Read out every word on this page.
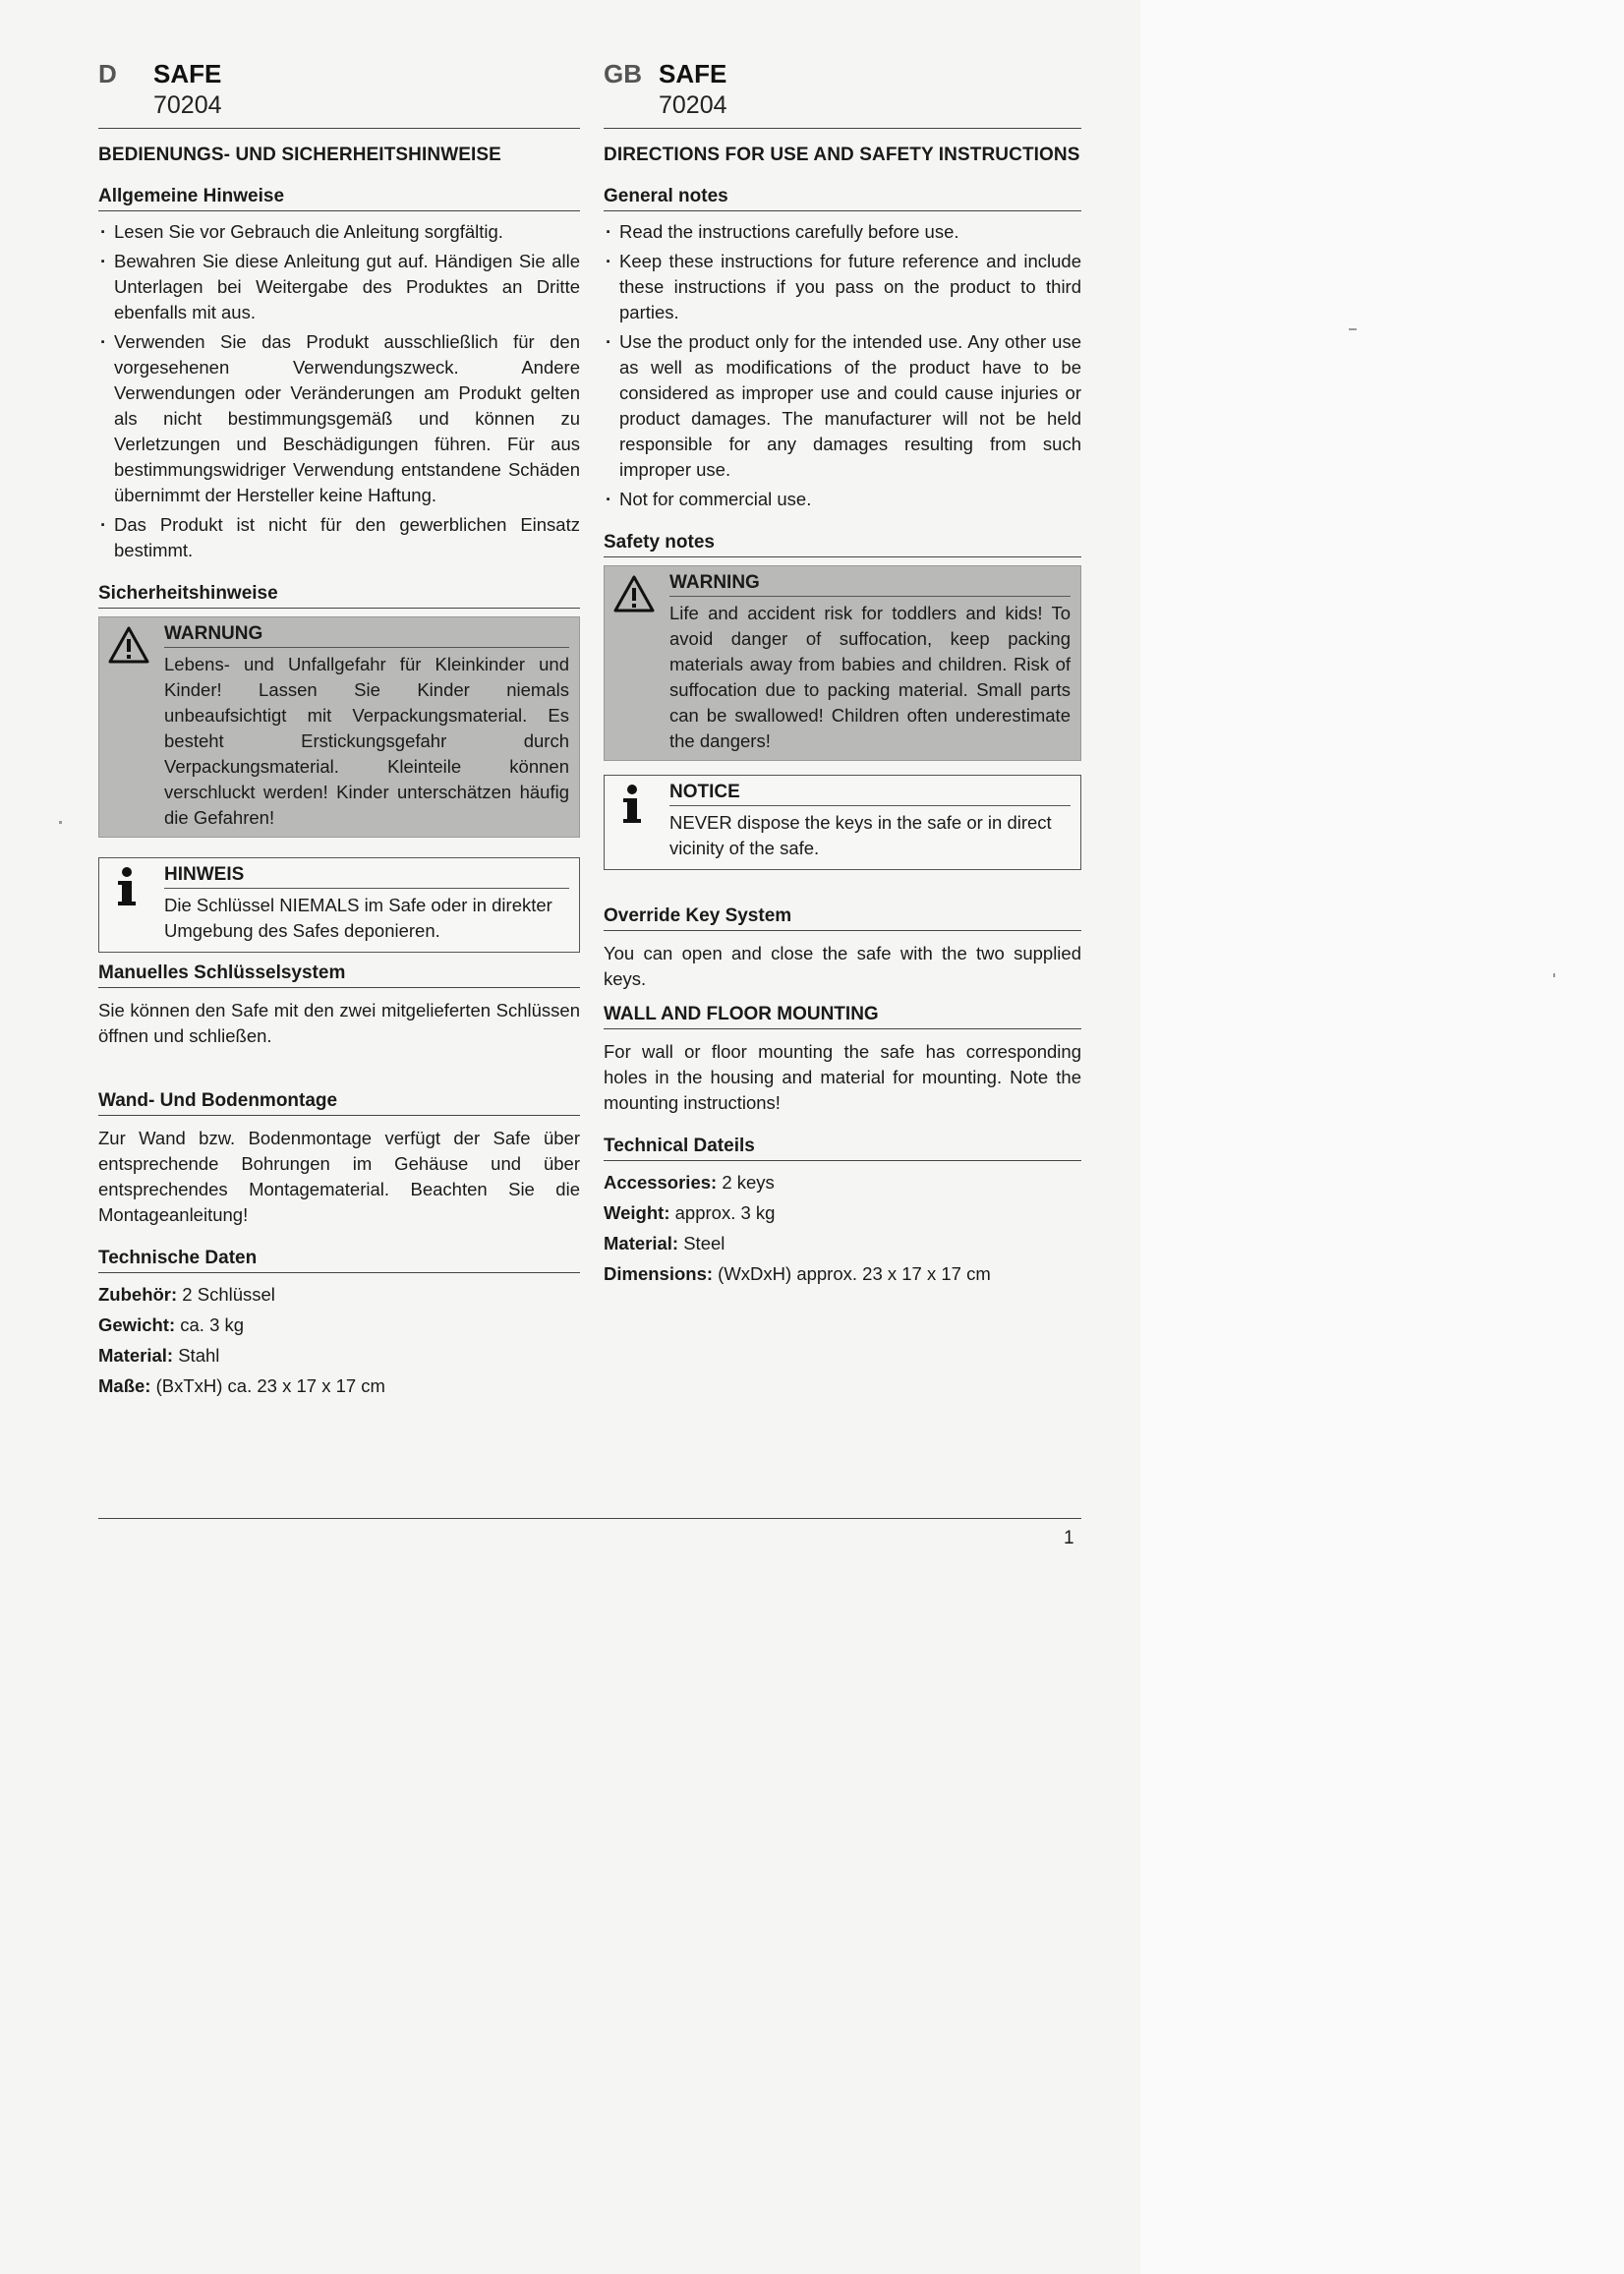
D	SAFE
70204
BEDIENUNGS- UND SICHERHEITSHINWEISE
Allgemeine Hinweise
· Lesen Sie vor Gebrauch die Anleitung sorgfältig.
· Bewahren Sie diese Anleitung gut auf. Händigen Sie alle Unterlagen bei Weitergabe des Produktes an Dritte ebenfalls mit aus.
· Verwenden Sie das Produkt ausschließlich für den vorgesehenen Verwendungszweck. Andere Verwendungen oder Veränderungen am Produkt gelten als nicht bestimmungsgemäß und können zu Verletzungen und Beschädigungen führen. Für aus bestimmungswidriger Verwendung entstandene Schäden übernimmt der Hersteller keine Haftung.
· Das Produkt ist nicht für den gewerblichen Einsatz bestimmt.
Sicherheitshinweise
WARNUNG
Lebens- und Unfallgefahr für Kleinkinder und Kinder! Lassen Sie Kinder niemals unbeaufsichtigt mit Verpackungsmaterial. Es besteht Erstickungsgefahr durch Verpackungsmaterial. Kleinteile können verschluckt werden! Kinder unterschätzen häufig die Gefahren!
HINWEIS
Die Schlüssel NIEMALS im Safe oder in direkter Umgebung des Safes deponieren.
Manuelles Schlüsselsystem

Sie können den Safe mit den zwei mitgelieferten Schlüssen öffnen und schließen.

Wand- Und Bodenmontage

Zur Wand bzw. Bodenmontage verfügt der Safe über entsprechende Bohrungen im Gehäuse und über entsprechendes Montagematerial. Beachten Sie die Montageanleitung!

Technische Daten
Zubehör: 2 Schlüssel
Gewicht: ca. 3 kg
Material: Stahl
Maße: (BxTxH) ca. 23 x 17 x 17 cm
GB SAFE
70204
DIRECTIONS FOR USE AND SAFETY INSTRUCTIONS
General notes
· Read the instructions carefully before use.
· Keep these instructions for future reference and include these instructions if you pass on the product to third parties.
· Use the product only for the intended use. Any other use as well as modifications of the product have to be considered as improper use and could cause injuries or product damages. The manufacturer will not be held responsible for any damages resulting from such improper use.
· Not for commercial use.
Safety notes
WARNING
Life and accident risk for toddlers and kids! To avoid danger of suffocation, keep packing materials away from babies and children. Risk of suffocation due to packing material. Small parts can be swallowed! Children often underestimate the dangers!
NOTICE
NEVER dispose the keys in the safe or in direct vicinity of the safe.
Override Key System

You can open and close the safe with the two supplied keys.

WALL AND FLOOR MOUNTING

For wall or floor mounting the safe has corresponding holes in the housing and material for mounting. Note the mounting instructions!

Technical Dateils
Accessories: 2 keys
Weight: approx. 3 kg
Material: Steel
Dimensions: (WxDxH) approx. 23 x 17 x 17 cm
1
